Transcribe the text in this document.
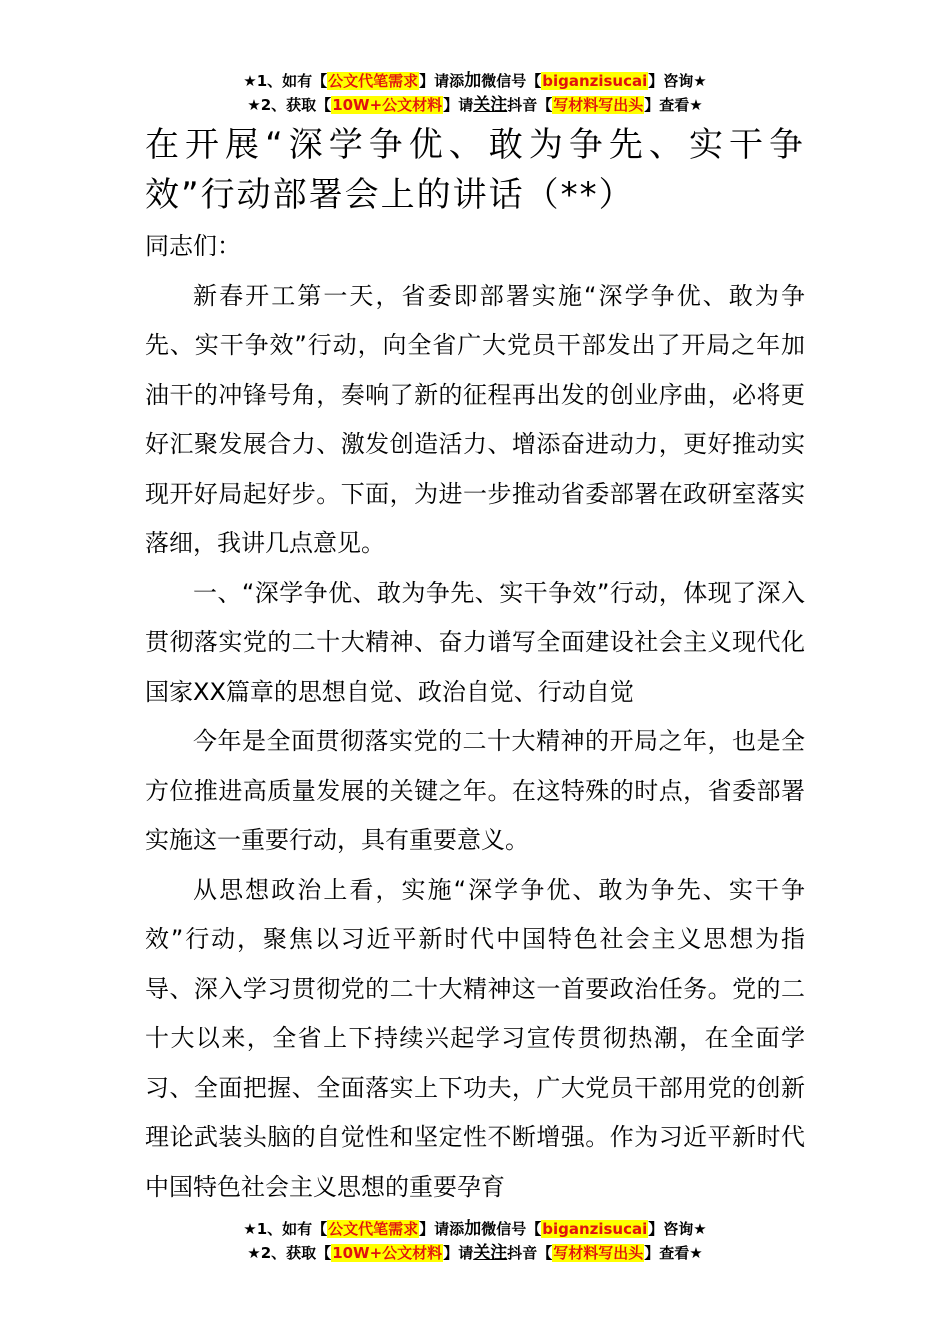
★1、如有【公文代笔需求】请添加微信号【biganzisucai】咨询★
★2、获取【10W+公文材料】请关注抖音【写材料写出头】查看★
在开展“深学争优、敢为争先、实干争效”行动部署会上的讲话（**）

同志们：

新春开工第一天，省委即部署实施“深学争优、敢为争先、实干争效”行动，向全省广大党员干部发出了开局之年加油干的冲锋号角，奏响了新的征程再出发的创业序曲，必将更好汇聚发展合力、激发创造活力、增添奋进动力，更好推动实现开好局起好步。下面，为进一步推动省委部署在政研室落实落细，我讲几点意见。

一、“深学争优、敢为争先、实干争效”行动，体现了深入贯彻落实党的二十大精神、奋力谱写全面建设社会主义现代化国家XX篇章的思想自觉、政治自觉、行动自觉

今年是全面贯彻落实党的二十大精神的开局之年，也是全方位推进高质量发展的关键之年。在这特殊的时点，省委部署实施这一重要行动，具有重要意义。

从思想政治上看，实施“深学争优、敢为争先、实干争效”行动，聚焦以习近平新时代中国特色社会主义思想为指导、深入学习贯彻党的二十大精神这一首要政治任务。党的二十大以来，全省上下持续兴起学习宣传贯彻热潮，在全面学习、全面把握、全面落实上下功夫，广大党员干部用党的创新理论武装头脑的自觉性和坚定性不断增强。作为习近平新时代中国特色社会主义思想的重要孕育

★1、如有【公文代笔需求】请添加微信号【biganzisucai】咨询★
★2、获取【10W+公文材料】请关注抖音【写材料写出头】查看★
